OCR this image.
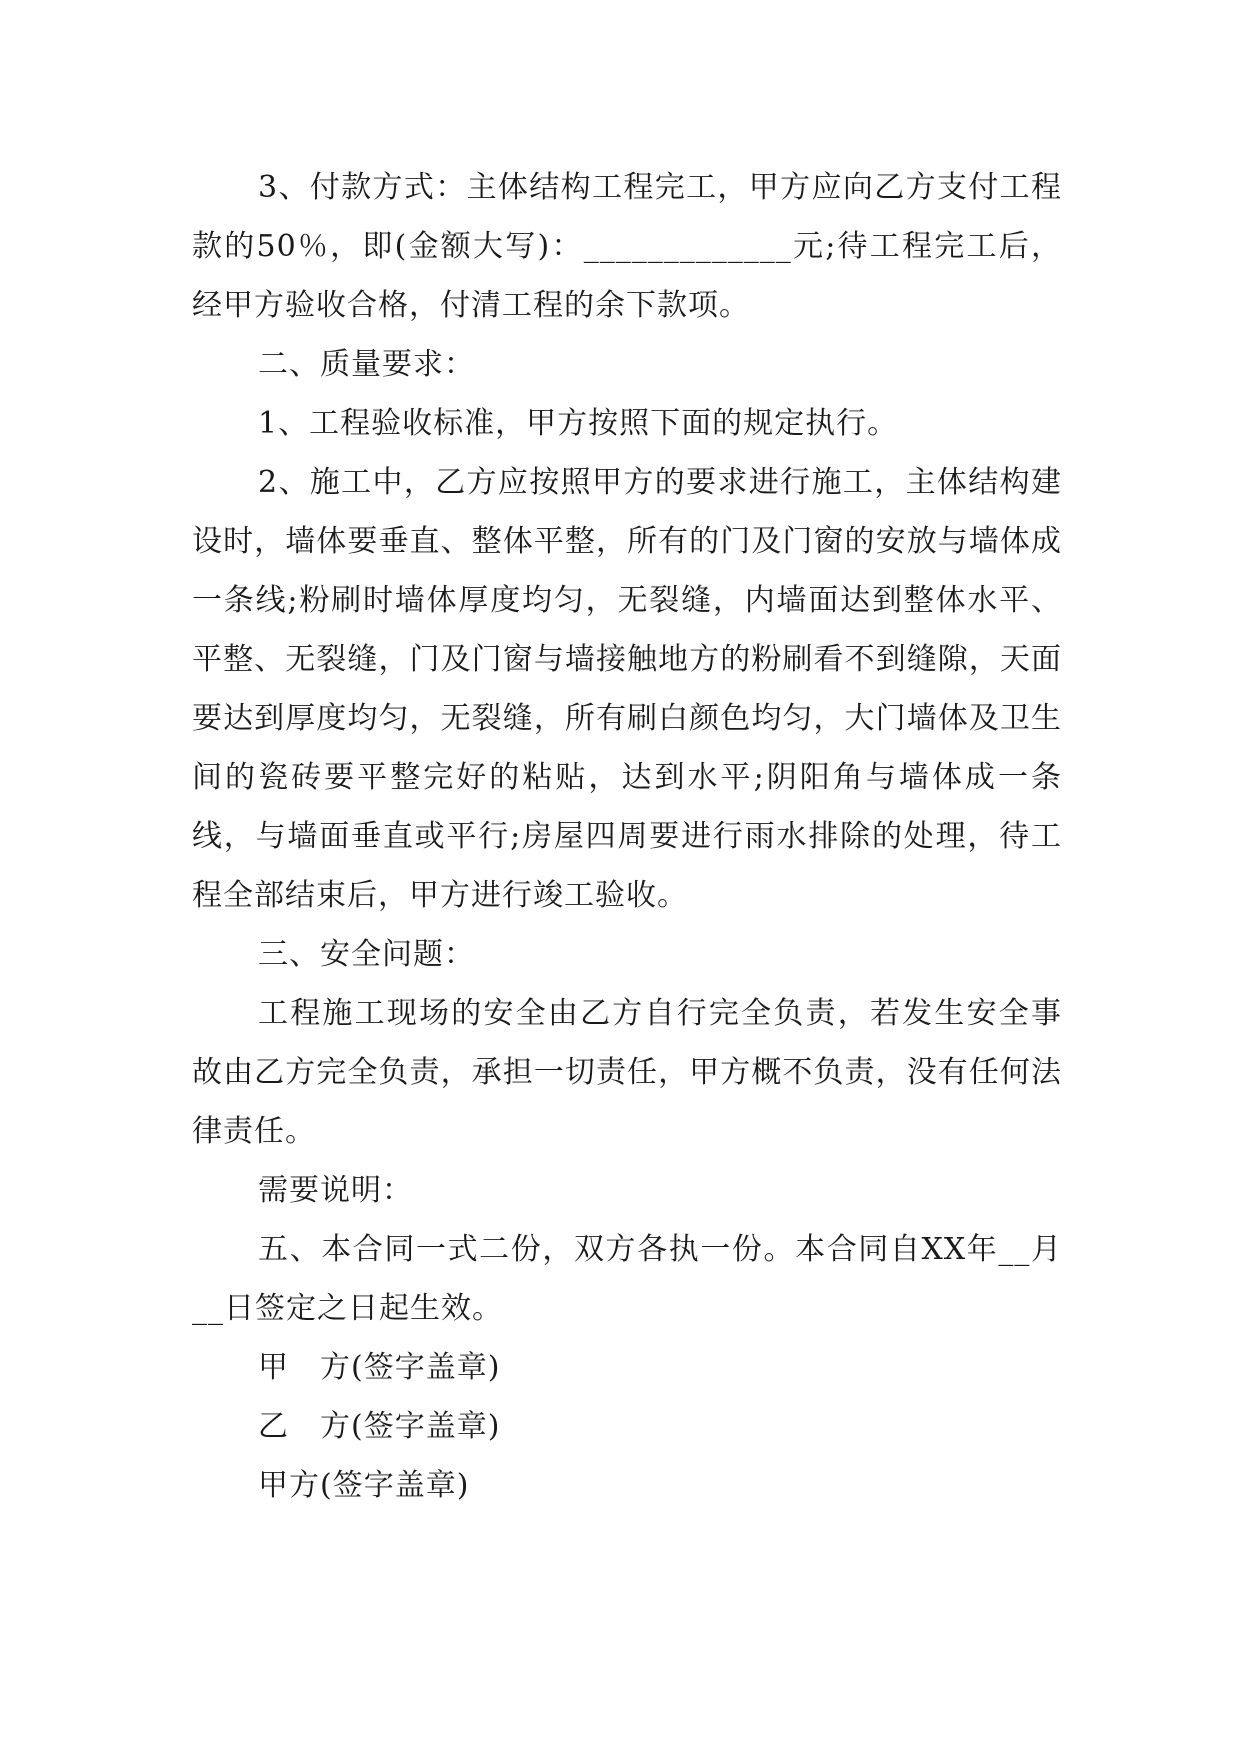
3、付款方式：主体结构工程完工，甲方应向乙方支付工程款的50％，即(金额大写)：_____________元;待工程完工后，经甲方验收合格，付清工程的余下款项。

二、质量要求：

1、工程验收标准，甲方按照下面的规定执行。

2、施工中，乙方应按照甲方的要求进行施工，主体结构建设时，墙体要垂直、整体平整，所有的门及门窗的安放与墙体成一条线;粉刷时墙体厚度均匀，无裂缝，内墙面达到整体水平、平整、无裂缝，门及门窗与墙接触地方的粉刷看不到缝隙，天面要达到厚度均匀，无裂缝，所有刷白颜色均匀，大门墙体及卫生间的瓷砖要平整完好的粘贴，达到水平;阴阳角与墙体成一条线，与墙面垂直或平行;房屋四周要进行雨水排除的处理，待工程全部结束后，甲方进行竣工验收。

三、安全问题：

工程施工现场的安全由乙方自行完全负责，若发生安全事故由乙方完全负责，承担一切责任，甲方概不负责，没有任何法律责任。

需要说明：

五、本合同一式二份，双方各执一份。本合同自XX年__月__日签定之日起生效。

甲　方(签字盖章)

乙　方(签字盖章)

甲方(签字盖章)
